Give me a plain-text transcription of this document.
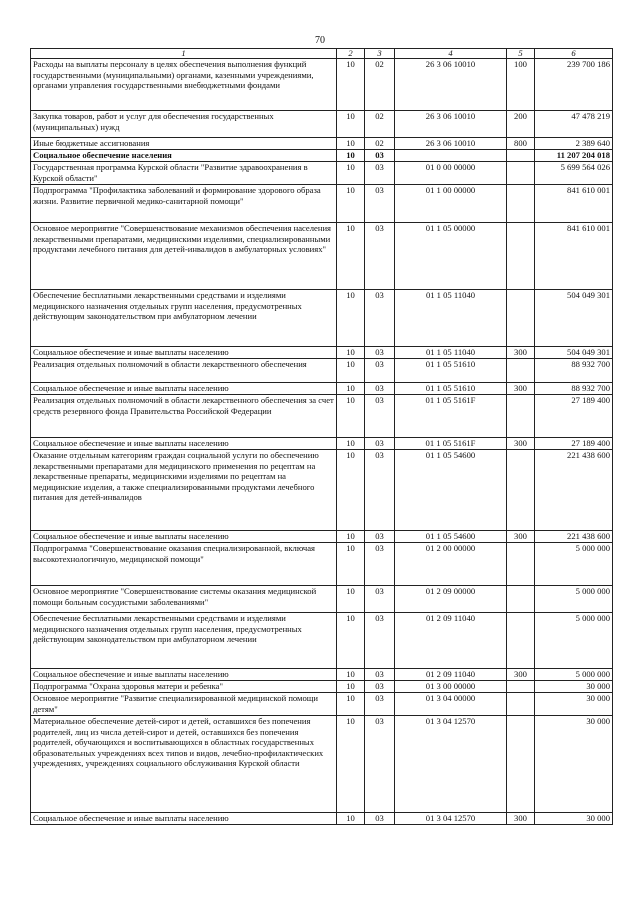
70
1	2	3	4	5	6
Расходы на выплаты персоналу в целях обеспечения выполнения функций государственными (муниципальными) органами, казенными учреждениями, органами управления государственными внебюджетными фондами	10	02	26 3 06 10010	100	239 700 186
Закупка товаров, работ и услуг для обеспечения государственных (муниципальных) нужд	10	02	26 3 06 10010	200	47 478 219
Иные бюджетные ассигнования	10	02	26 3 06 10010	800	2 389 640
Социальное обеспечение населения	10	03			11 207 204 018
Государственная программа Курской области "Развитие здравоохранения в Курской области"	10	03	01 0 00 00000		5 699 564 026
Подпрограмма "Профилактика заболеваний и формирование здорового образа жизни. Развитие первичной медико-санитарной помощи"	10	03	01 1 00 00000		841 610 001
Основное мероприятие "Совершенствование механизмов обеспечения населения лекарственными препаратами, медицинскими изделиями, специализированными продуктами лечебного питания для детей-инвалидов в амбулаторных условиях"	10	03	01 1 05 00000		841 610 001
Обеспечение бесплатными лекарственными средствами и изделиями медицинского назначения отдельных групп населения, предусмотренных действующим законодательством при амбулаторном лечении	10	03	01 1 05 11040		504 049 301
Социальное обеспечение и иные выплаты населению	10	03	01 1 05 11040	300	504 049 301
Реализация отдельных полномочий в области лекарственного обеспечения	10	03	01 1 05 51610		88 932 700
Социальное обеспечение и иные выплаты населению	10	03	01 1 05 51610	300	88 932 700
Реализация отдельных полномочий в области лекарственного обеспечения за счет средств резервного фонда Правительства Российской Федерации	10	03	01 1 05 5161F		27 189 400
Социальное обеспечение и иные выплаты населению	10	03	01 1 05 5161F	300	27 189 400
Оказание отдельным категориям граждан социальной услуги по обеспечению лекарственными препаратами для медицинского применения по рецептам на лекарственные препараты, медицинскими изделиями по рецептам на медицинские изделия, а также специализированными продуктами лечебного питания для детей-инвалидов	10	03	01 1 05 54600		221 438 600
Социальное обеспечение и иные выплаты населению	10	03	01 1 05 54600	300	221 438 600
Подпрограмма "Совершенствование оказания специализированной, включая высокотехнологичную, медицинской помощи"	10	03	01 2 00 00000		5 000 000
Основное мероприятие "Совершенствование системы оказания медицинской помощи больным сосудистыми заболеваниями"	10	03	01 2 09 00000		5 000 000
Обеспечение бесплатными лекарственными средствами и изделиями медицинского назначения отдельных групп населения, предусмотренных действующим законодательством при амбулаторном лечении	10	03	01 2 09 11040		5 000 000
Социальное обеспечение и иные выплаты населению	10	03	01 2 09 11040	300	5 000 000
Подпрограмма "Охрана здоровья матери и ребенка"	10	03	01 3 00 00000		30 000
Основное мероприятие "Развитие специализированной медицинской помощи детям"	10	03	01 3 04 00000		30 000
Материальное обеспечение детей-сирот и детей, оставшихся без попечения родителей, лиц из числа детей-сирот и детей, оставшихся без попечения родителей, обучающихся и воспитывающихся в областных государственных образовательных учреждениях всех типов и видов, лечебно-профилактических учреждениях, учреждениях социального обслуживания Курской области	10	03	01 3 04 12570		30 000
Социальное обеспечение и иные выплаты населению	10	03	01 3 04 12570	300	30 000
